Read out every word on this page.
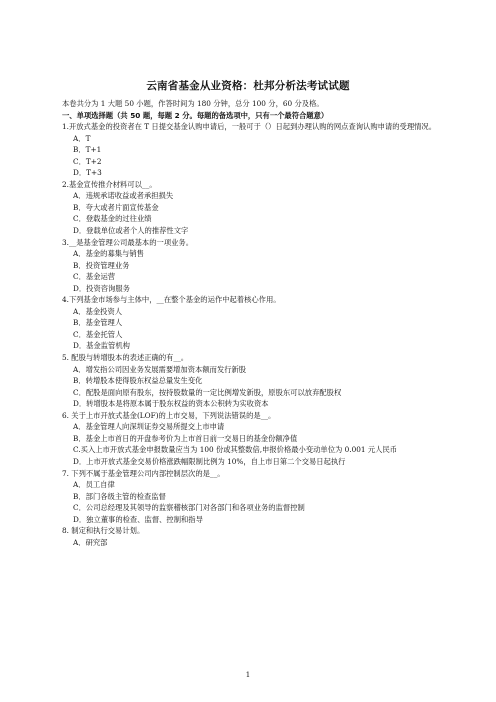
云南省基金从业资格：杜邦分析法考试试题
本卷共分为 1 大题 50 小题，作答时间为 180 分钟，总分 100 分，60 分及格。
一、单项选择题（共 50 题，每题 2 分。每题的备选项中，只有一个最符合题意）
1.开放式基金的投资者在 T 日提交基金认购申请后，一般可于（）日起到办理认购的网点查询认购申请的受理情况。
A．T
B．T+1
C．T+2
D．T+3
2.基金宣传推介材料可以__。
A．违规承诺收益或者承担损失
B．夸大或者片面宣传基金
C．登载基金的过往业绩
D．登载单位或者个人的推荐性文字
3.__是基金管理公司最基本的一项业务。
A．基金的募集与销售
B．投资管理业务
C．基金运营
D．投资咨询服务
4.下列基金市场参与主体中，__在整个基金的运作中起着核心作用。
A．基金投资人
B．基金管理人
C．基金托管人
D．基金监管机构
5. 配股与转增股本的表述正确的有__。
A．增发指公司因业务发展需要增加资本额而发行新股
B．转增股本使得股东权益总量发生变化
C．配股是面向原有股东，按持股数量的一定比例增发新股，原股东可以放弃配股权
D．转增股本是将原本属于股东权益的资本公积转为实收资本
6. 关于上市开放式基金(LOF)的上市交易，下列说法错误的是__。
A．基金管理人向深圳证券交易所提交上市申请
B．基金上市首日的开盘参考价为上市首日前一交易日的基金份额净值
C.买入上市开放式基金申报数量应当为 100 份或其整数倍,申报价格最小变动单位为 0.001 元人民币
D．上市开放式基金交易价格涨跌幅限制比例为 10%，自上市日第二个交易日起执行
7. 下列不属于基金管理公司内部控制层次的是__。
A．员工自律
B．部门各级主管的检查监督
C．公司总经理及其领导的监察稽核部门对各部门和各项业务的监督控制
D．独立董事的检查、监督、控制和指导
8. 制定和执行交易计划。
A．研究部
1
